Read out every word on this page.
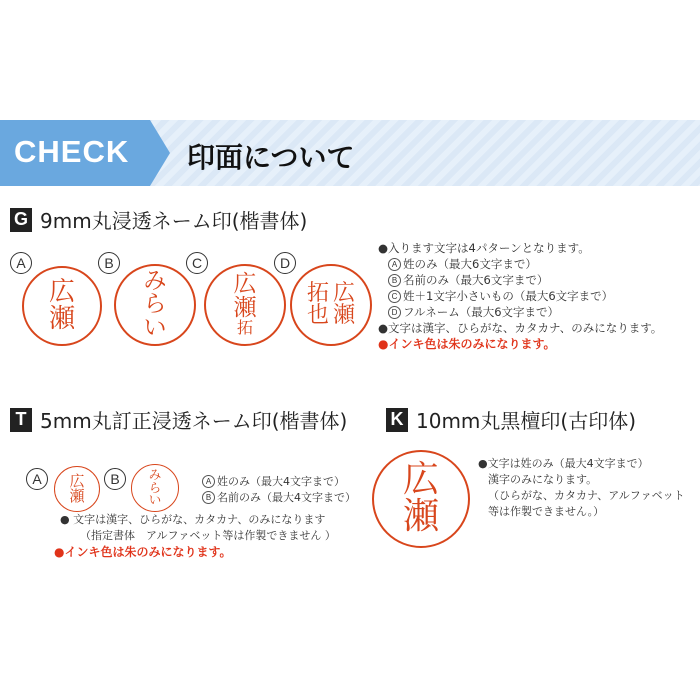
CHECK 印面について
G 9mm丸浸透ネーム印(楷書体)
A	B	C	D
広
瀬
み
ら
い
広
瀬
拓
広
瀬
拓
也
●入ります文字は4パターンとなります。
A 姓のみ（最大6文字まで）
B 名前のみ（最大6文字まで）
C 姓＋1文字小さいもの（最大6文字まで）
D フルネーム（最大6文字まで）
●文字は漢字、ひらがな、カタカナ、のみになります。
●インキ色は朱のみになります。
T 5mm丸訂正浸透ネーム印(楷書体)
A	B
広
瀬
み
ら
い
A 姓のみ（最大4文字まで）
B 名前のみ（最大4文字まで）
● 文字は漢字、ひらがな、カタカナ、のみになります
（指定書体　アルファベット等は作製できません ）
●インキ色は朱のみになります。
K 10mm丸黒檀印(古印体)
広
瀬
●文字は姓のみ（最大4文字まで）
漢字のみになります。
（ひらがな、カタカナ、アルファベット
等は作製できません。）
